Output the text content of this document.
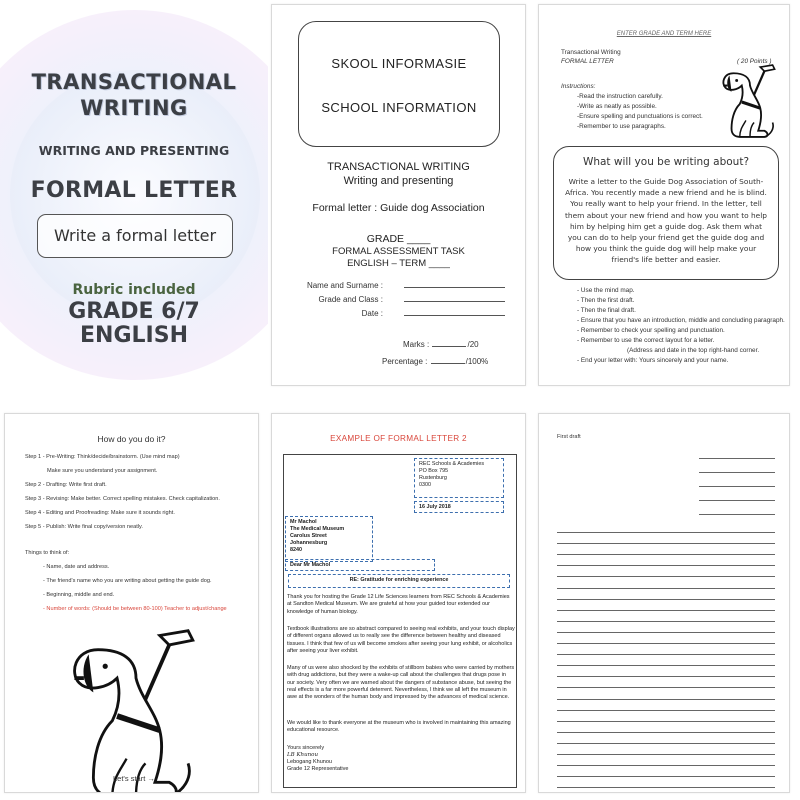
TRANSACTIONAL
WRITING
WRITING AND PRESENTING
FORMAL LETTER
Write a formal letter
Rubric included
GRADE 6/7
ENGLISH
SKOOL INFORMASIE
SCHOOL INFORMATION
TRANSACTIONAL WRITING
Writing and presenting
Formal letter : Guide dog Association
GRADE ____
FORMAL ASSESSMENT TASK
ENGLISH – TERM ____
Name and Surname :
Grade and Class :
Date :
Marks :	/20
Percentage :	/100%
ENTER GRADE AND TERM HERE
Transactional Writing
FORMAL LETTER	( 20 Points )
Instructions:
-Read the instruction carefully.
-Write as neatly as possible.
-Ensure spelling and punctuations is correct.
-Remember to use paragraphs.
What will you be writing about?
Write a letter to the Guide Dog Association of South-Africa. You recently made a new friend and he is blind. You really want to help your friend. In the letter, tell them about your new friend and how you want to help him by helping him get a guide dog. Ask them what you can do to help your friend get the guide dog and how you think the guide dog will help make your friend's life better and easier.
- Use the mind map.
- Then the first draft.
- Then the final draft.
- Ensure that you have an introduction, middle and concluding paragraph.
- Remember to check your spelling and punctuation.
- Remember to use the correct layout for a letter.
(Address and date in the top right-hand corner.
- End your letter with: Yours sincerely and your name.
How do you do it?
Step 1 - Pre-Writing: Think/decide/brainstorm. (Use mind map)
Make sure you understand your assignment.
Step 2 - Drafting: Write first draft.
Step 3 - Revising: Make better. Correct spelling mistakes. Check capitalization.
Step 4 - Editing and Proofreading: Make sure it sounds right.
Step 5 - Publish: Write final copy/version neatly.
Things to think of:
- Name, date and address.
- The friend's name who you are writing about getting the guide dog.
- Beginning, middle and end.
- Number of words: (Should be between 80-100) Teacher to adjust/change
Let's start →
EXAMPLE OF FORMAL LETTER 2
REC Schools & Academies
PO Box 795
Rustenburg
0300
16 July 2018
Mr Machol
The Medical Museum
Carolus Street
Johannesburg
8240
Dear Mr Machol
RE: Gratitude for enriching experience
Thank you for hosting the Grade 12 Life Sciences learners from REC Schools & Academies at Sandton Medical Museum. We are grateful at how your guided tour extended our knowledge of human biology.
Textbook illustrations are so abstract compared to seeing real exhibits, and your touch display of different organs allowed us to really see the difference between healthy and diseased tissues. I think that few of us will become smokes after seeing your lung exhibit, or alcoholics after seeing your liver exhibit.
Many of us were also shocked by the exhibits of stillborn babies who were carried by mothers with drug addictions, but they were a wake-up call about the challenges that drugs pose in our society. Very often we are warned about the dangers of substance abuse, but seeing the real effects is a far more powerful deterrent. Nevertheless, I think we all left the museum in awe at the wonders of the human body and impressed by the advances of medical science.
We would like to thank everyone at the museum who is involved in maintaining this amazing educational resource.
Yours sincerely
LB Khunou
Lebogang Khunou
Grade 12 Representative
First draft
